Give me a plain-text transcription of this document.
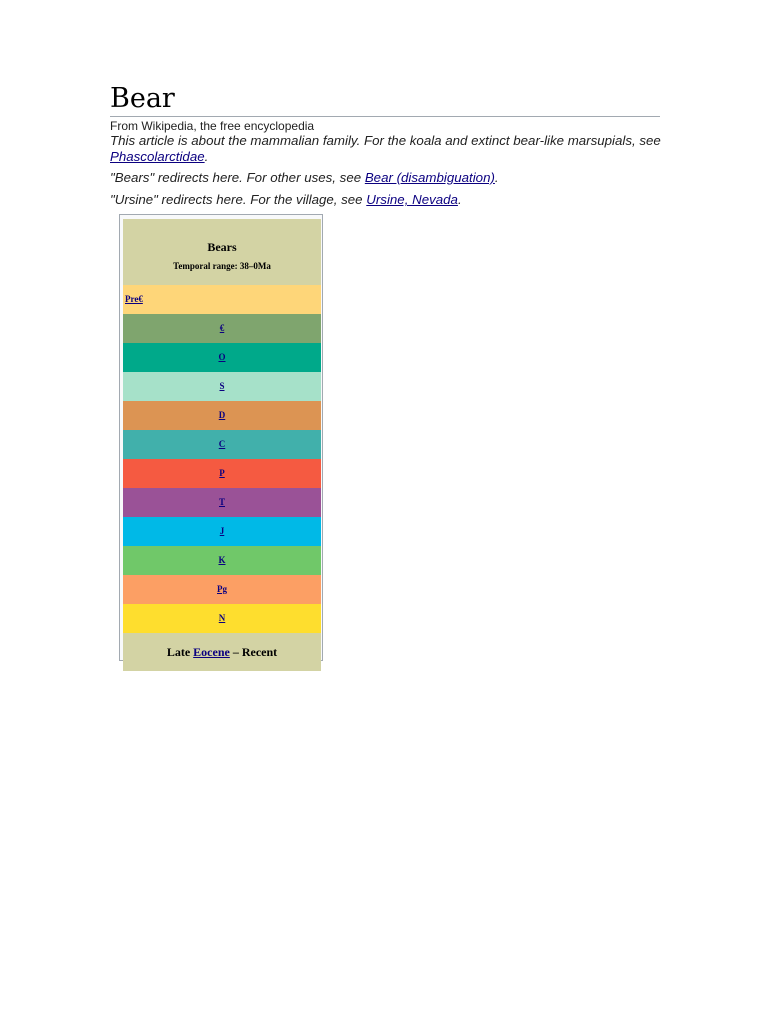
Bear
From Wikipedia, the free encyclopedia
This article is about the mammalian family. For the koala and extinct bear-like marsupials, see Phascolarctidae.
"Bears" redirects here. For other uses, see Bear (disambiguation).
"Ursine" redirects here. For the village, see Ursine, Nevada.
Bears
Temporal range: 38–0Ma
Pre€
€
O
S
D
C
P
T
J
K
Pg
N
Late Eocene – Recent
